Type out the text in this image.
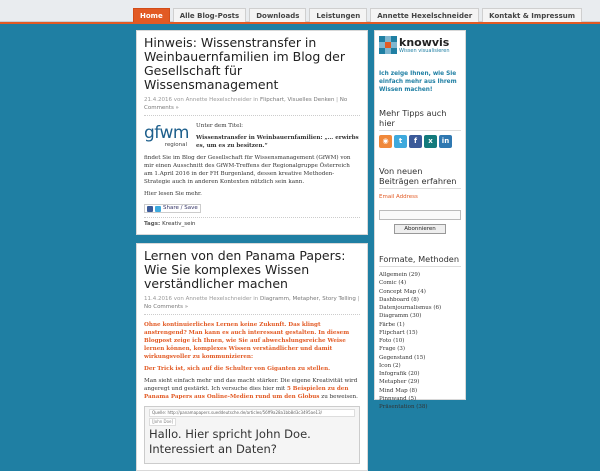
Home	Alle Blog-Posts	Downloads	Leistungen	Annette Hexelschneider	Kontakt & Impressum
Hinweis: Wissenstransfer in Weinbauernfamilien im Blog der Gesellschaft für Wissensmanagement
21.4.2016 von Annette Hexelschneider in Flipchart, Visuelles Denken | No Comments »
gfwm
regional
Unter dem Titel:
Wissenstransfer in Weinbauernfamilien: „… erwirbs es, um es zu besitzen.“
findet Sie im Blog der Gesellschaft für Wissensmanagement (GfWM) von mir einen Ausschnitt des GfWM-Treffens der Regionalgruppe Österreich am 1.April 2016 in der FH Burgenland, dessen kreative Methoden-Strategie auch in anderen Kontexten nützlich sein kann.
Hier lesen Sie mehr.
Share / Save
Tags: Kreativ_sein
Lernen von den Panama Papers: Wie Sie komplexes Wissen verständlicher machen
11.4.2016 von Annette Hexelschneider in Diagramm, Metapher, Story Telling | No Comments »
Ohne kontinuierliches Lernen keine Zukunft. Das klingt anstrengend? Man kann es auch interessant gestalten. In diesem Blogpost zeige ich Ihnen, wie Sie auf abwechslungsreiche Weise lernen können, komplexes Wissen verständlicher und damit wirkungsvoller zu kommunizieren:
Der Trick ist, sich auf die Schulter von Giganten zu stellen.
Man sieht einfach mehr und das macht stärker. Die eigene Kreativität wird angeregt und gestärkt. Ich versuche dies hier mit 5 Beispielen zu den Panama Papers aus Online-Medien rund um den Globus zu beweisen.
Quelle: http://panamapapers.sueddeutsche.de/articles/56ff9a28a1bb8d3c3495ae13/
[John Doe]
Hallo. Hier spricht John Doe.
Interessiert an Daten?
knowvis
Wissen visualisieren
Ich zeige Ihnen, wie Sie einfach mehr aus Ihrem Wissen machen!
Mehr Tipps auch hier
◉	t	f	x	in
Von neuen Beiträgen erfahren
Email Address
Abonnieren
Formate, Methoden
Allgemein (29)
Comic (4)
Concept Map (4)
Dashboard (8)
Datenjournalismus (6)
Diagramm (30)
Färbe (1)
Flipchart (15)
Foto (10)
Frage (3)
Gegenstand (15)
Icon (2)
Infografik (20)
Metapher (29)
Mind Map (8)
Pinnwand (5)
Präsentation (38)
